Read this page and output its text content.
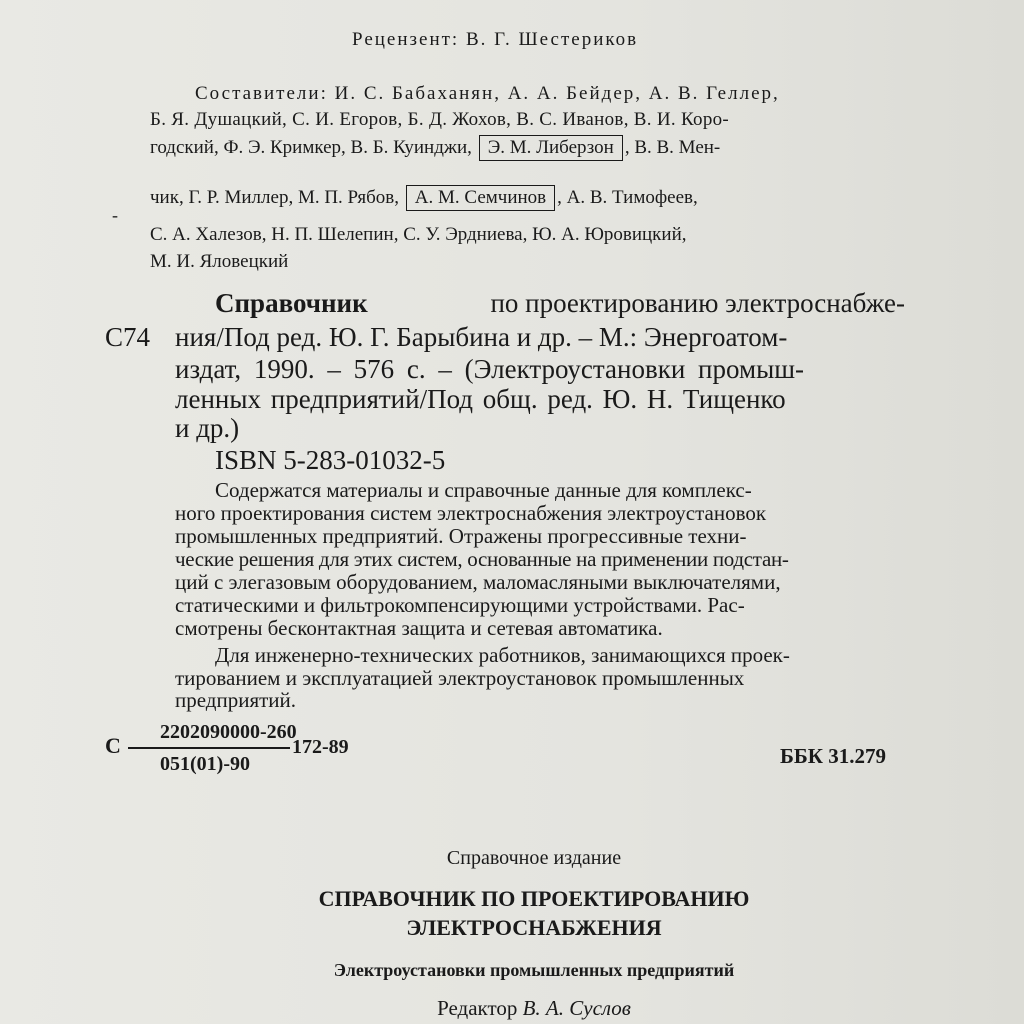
Рецензент: В. Г. Шестериков
Составители: И. С. Бабаханян, А. А. Бейдер, А. В. Геллер,
Б. Я. Душацкий, С. И. Егоров, Б. Д. Жохов, В. С. Иванов, В. И. Коро-
годский, Ф. Э. Кримкер, В. Б. Куинджи, Э. М. Либерзон , В. В. Мен-
-
чик, Г. Р. Миллер, М. П. Рябов, А. М. Семчинов , А. В. Тимофеев,
С. А. Халезов, Н. П. Шелепин, С. У. Эрдниева, Ю. А. Юровицкий,
М. И. Яловецкий
С74
Справочник	по проектированию электроснабже-
ния/Под ред. Ю. Г. Барыбина и др. – М.: Энергоатом-
издат, 1990. – 576 с. – (Электроустановки промыш-
ленных предприятий/Под общ. ред. Ю. Н. Тищенко
и др.)
ISBN 5-283-01032-5
Содержатся материалы и справочные данные для комплекс-
ного проектирования систем электроснабжения электроустановок
промышленных предприятий. Отражены прогрессивные техни-
ческие решения для этих систем, основанные на применении подстан-
ций с элегазовым оборудованием, маломасляными выключателями,
статическими и фильтрокомпенсирующими устройствами. Рас-
смотрены бесконтактная защита и сетевая автоматика.
Для инженерно-технических работников, занимающихся проек-
тированием и эксплуатацией электроустановок промышленных
предприятий.
С
2202090000-260
051(01)-90
172-89	ББК 31.279
Справочное издание
СПРАВОЧНИК ПО ПРОЕКТИРОВАНИЮ
ЭЛЕКТРОСНАБЖЕНИЯ
Электроустановки промышленных предприятий
Редактор В. А. Суслов
